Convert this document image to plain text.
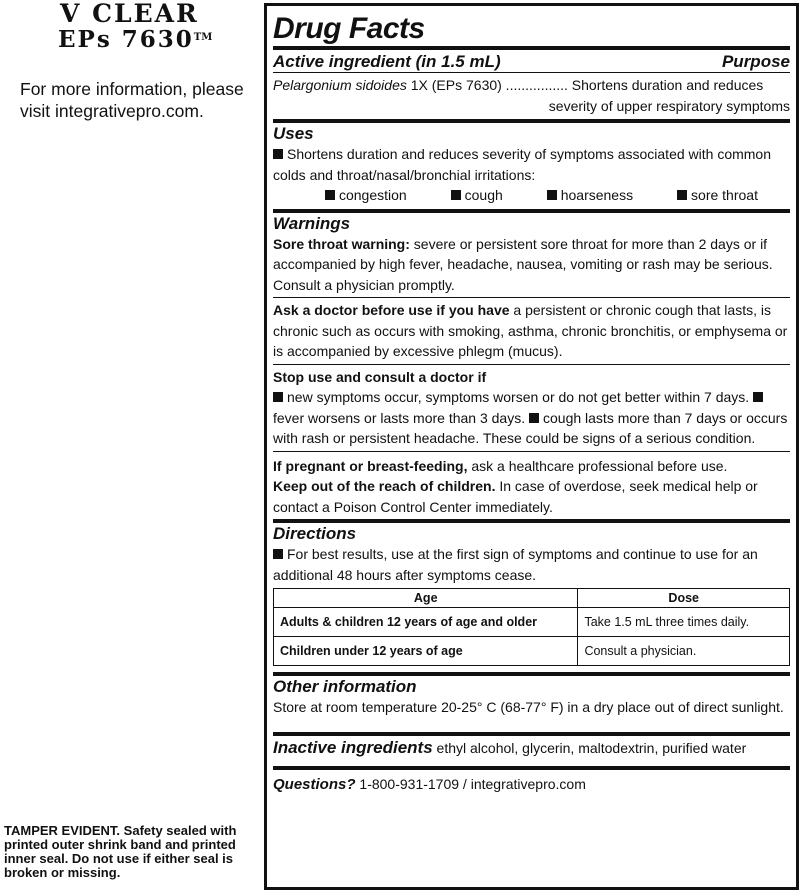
V CLEAR
EPs 7630™
For more information, please visit integrativepro.com.
TAMPER EVIDENT. Safety sealed with printed outer shrink band and printed inner seal. Do not use if either seal is broken or missing.
Drug Facts
Active ingredient (in 1.5 mL)	Purpose
Pelargonium sidoides 1X (EPs 7630) ................ Shortens duration and reduces
severity of upper respiratory symptoms
Uses
Shortens duration and reduces severity of symptoms associated with common colds and throat/nasal/bronchial irritations:
congestion	cough	hoarseness	sore throat
Warnings
Sore throat warning: severe or persistent sore throat for more than 2 days or if accompanied by high fever, headache, nausea, vomiting or rash may be serious. Consult a physician promptly.
Ask a doctor before use if you have a persistent or chronic cough that lasts, is chronic such as occurs with smoking, asthma, chronic bronchitis, or emphysema or is accompanied by excessive phlegm (mucus).
Stop use and consult a doctor if
new symptoms occur, symptoms worsen or do not get better within 7 days. fever worsens or lasts more than 3 days. cough lasts more than 7 days or occurs with rash or persistent headache. These could be signs of a serious condition.
If pregnant or breast-feeding, ask a healthcare professional before use.
Keep out of the reach of children. In case of overdose, seek medical help or contact a Poison Control Center immediately.
Directions
For best results, use at the first sign of symptoms and continue to use for an additional 48 hours after symptoms cease.
Age	Dose
Adults & children 12 years of age and older	Take 1.5 mL three times daily.
Children under 12 years of age	Consult a physician.
Other information
Store at room temperature 20-25° C (68-77° F) in a dry place out of direct sunlight.
Inactive ingredients ethyl alcohol, glycerin, maltodextrin, purified water
Questions? 1-800-931-1709 / integrativepro.com
